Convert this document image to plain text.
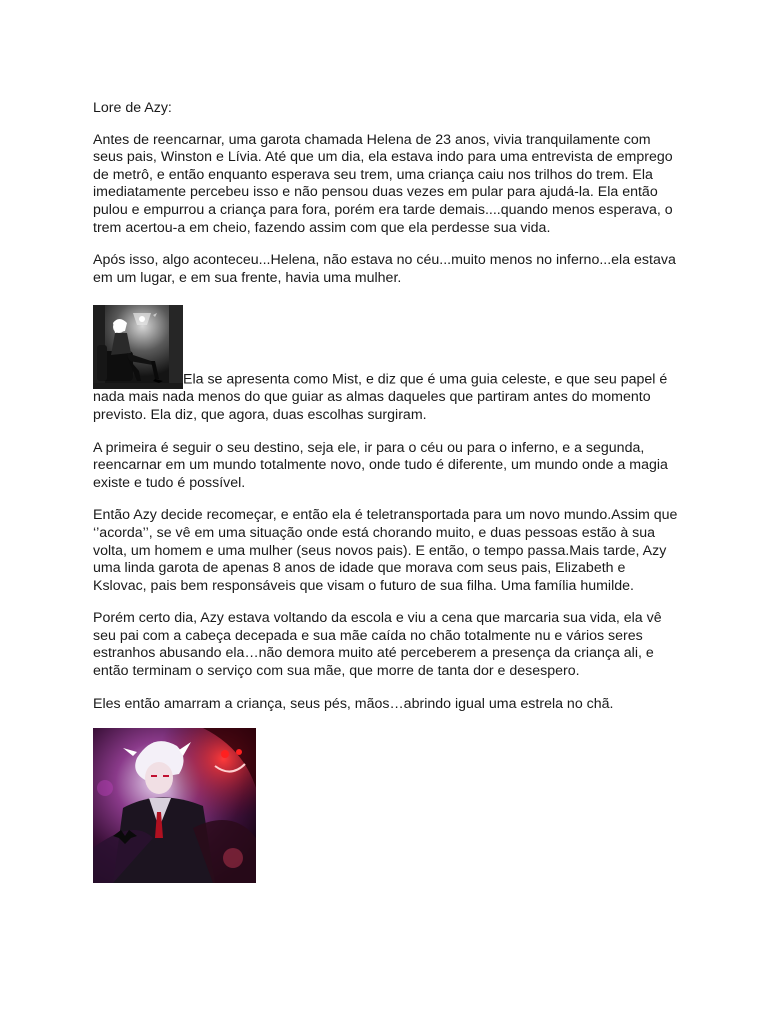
Lore de Azy:

Antes de reencarnar, uma garota chamada Helena de 23 anos, vivia tranquilamente com seus pais, Winston e Lívia. Até que um dia, ela estava indo para uma entrevista de emprego de metrô, e então enquanto esperava seu trem, uma criança caiu nos trilhos do trem. Ela imediatamente percebeu isso e não pensou duas vezes em pular para ajudá-la. Ela então pulou e empurrou a criança para fora, porém era tarde demais....quando menos esperava, o trem acertou-a em cheio, fazendo assim com que ela perdesse sua vida.

Após isso, algo aconteceu...Helena, não estava no céu...muito menos no inferno...ela estava em um lugar, e em sua frente, havia uma mulher.

Ela se apresenta como Mist, e diz que é uma guia celeste, e que seu papel é nada mais nada menos do que guiar as almas daqueles que partiram antes do momento previsto. Ela diz, que agora, duas escolhas surgiram.

A primeira é seguir o seu destino, seja ele, ir para o céu ou para o inferno, e a segunda, reencarnar em um mundo totalmente novo, onde tudo é diferente, um mundo onde a magia existe e tudo é possível.

Então Azy decide recomeçar, e então ela é teletransportada para um novo mundo.Assim que ‘’acorda’’, se vê em uma situação onde está chorando muito, e duas pessoas estão à sua volta, um homem e uma mulher (seus novos pais). E então, o tempo passa.Mais tarde, Azy uma linda garota de apenas 8 anos de idade que morava com seus pais, Elizabeth e Kslovac, pais bem responsáveis que visam o futuro de sua filha. Uma família humilde.

Porém certo dia, Azy estava voltando da escola e viu a cena que marcaria sua vida, ela vê seu pai com a cabeça decepada e sua mãe caída no chão totalmente nu e vários seres estranhos abusando ela…não demora muito até perceberem a presença da criança ali, e então terminam o serviço com sua mãe, que morre de tanta dor e desespero.

Eles então amarram a criança, seus pés, mãos…abrindo igual uma estrela no chã.
